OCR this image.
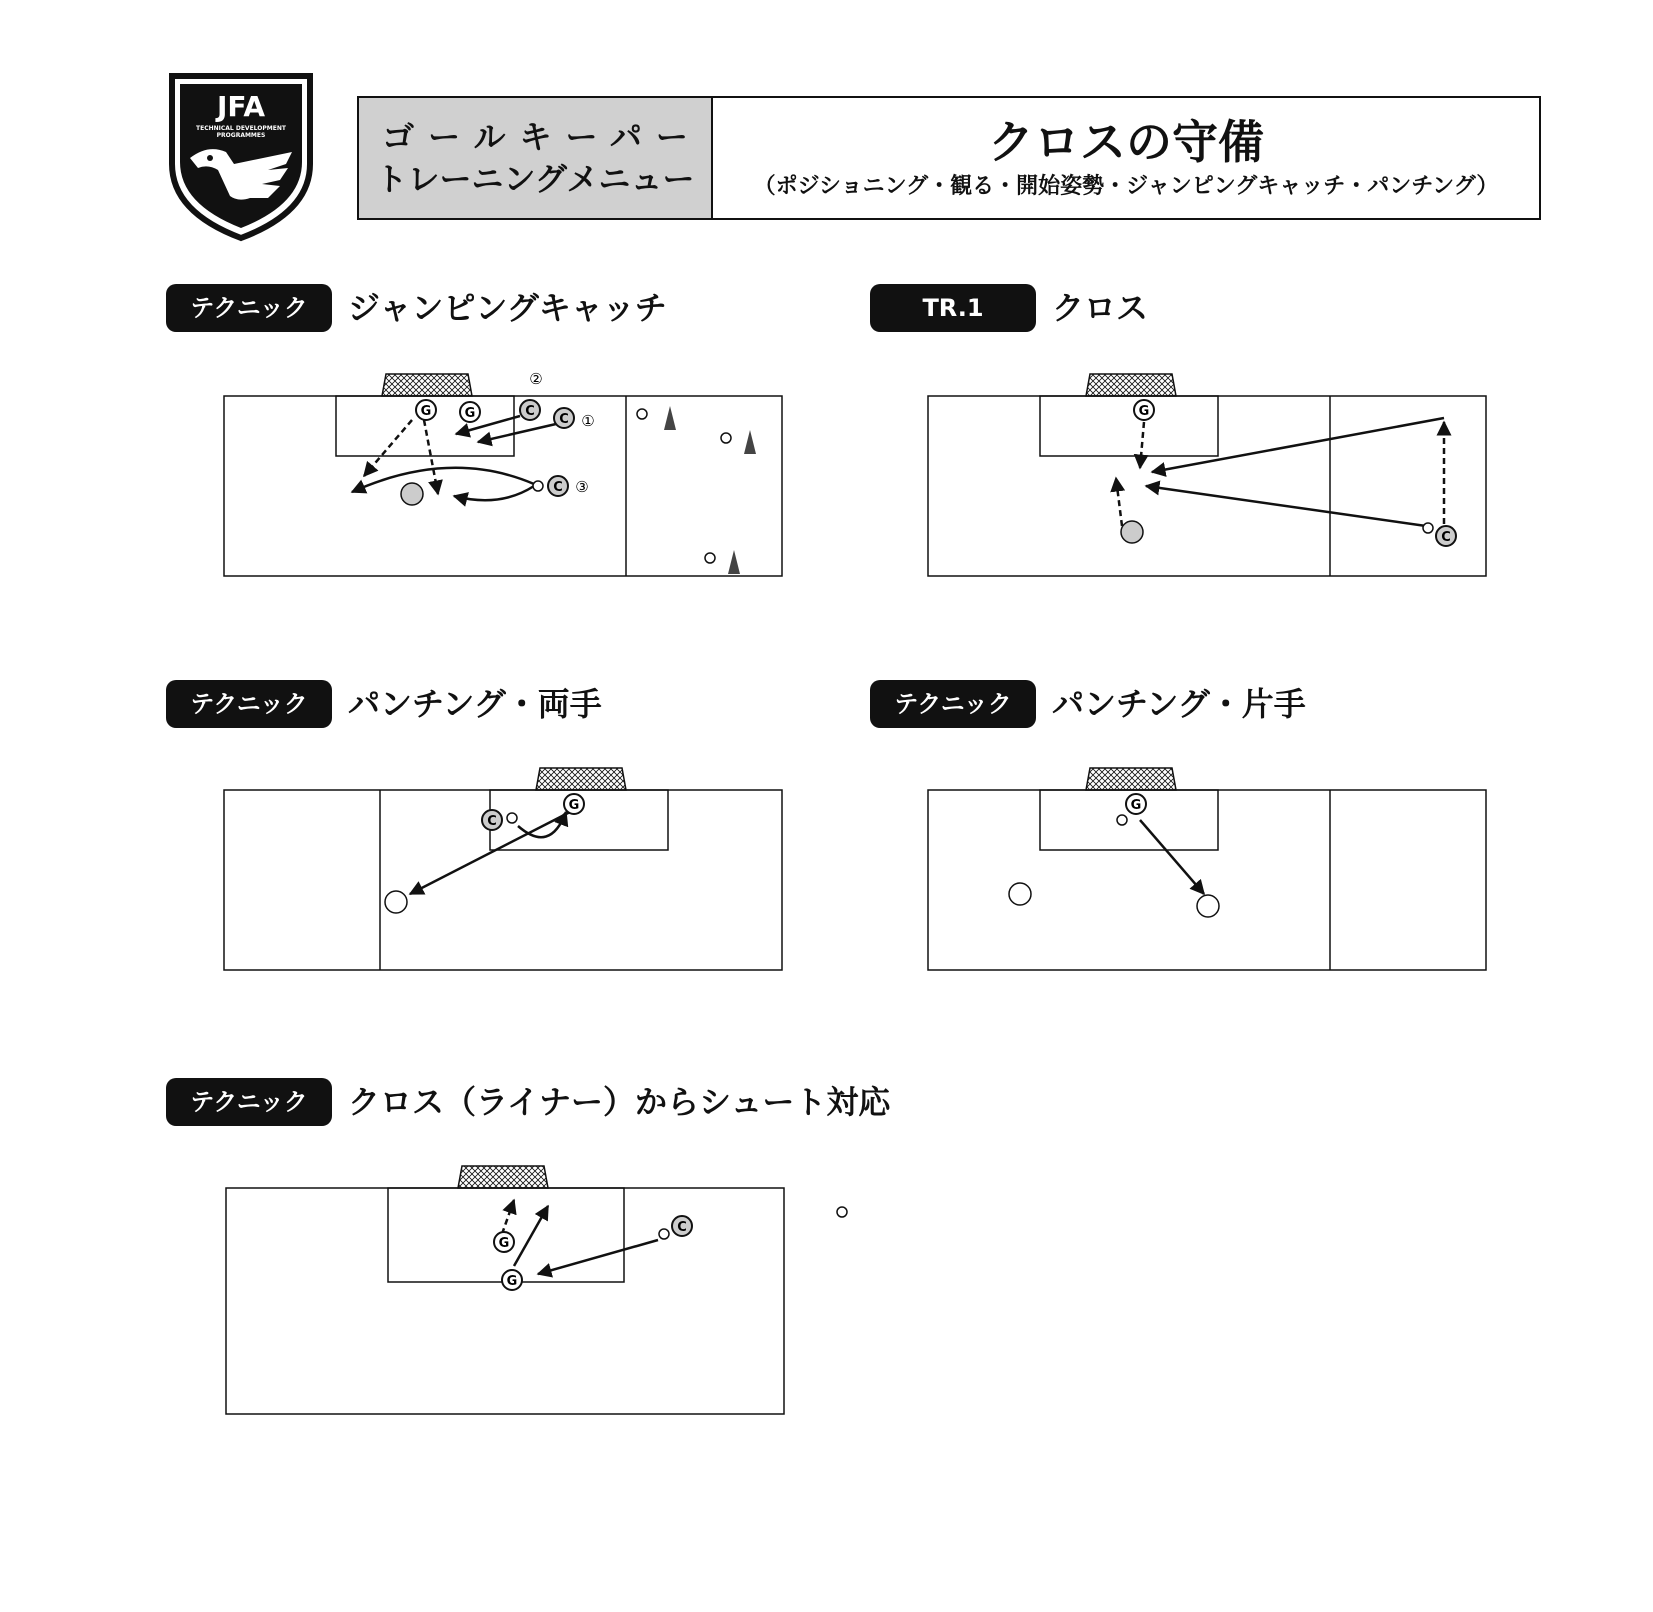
JFA
TECHNICAL DEVELOPMENT
PROGRAMMES	ゴールキーパー
トレーニングメニュー
クロスの守備
（ポジショニング・観る・開始姿勢・ジャンピングキャッチ・パンチング）
テクニック	ジャンピングキャッチ	TR.1	クロス
テクニック	パンチング・両手	テクニック	パンチング・片手
テクニック	クロス（ライナー）からシュート対応
G	G	C
C
C
②
①
③
G
C
G
C
G
G
G
C
